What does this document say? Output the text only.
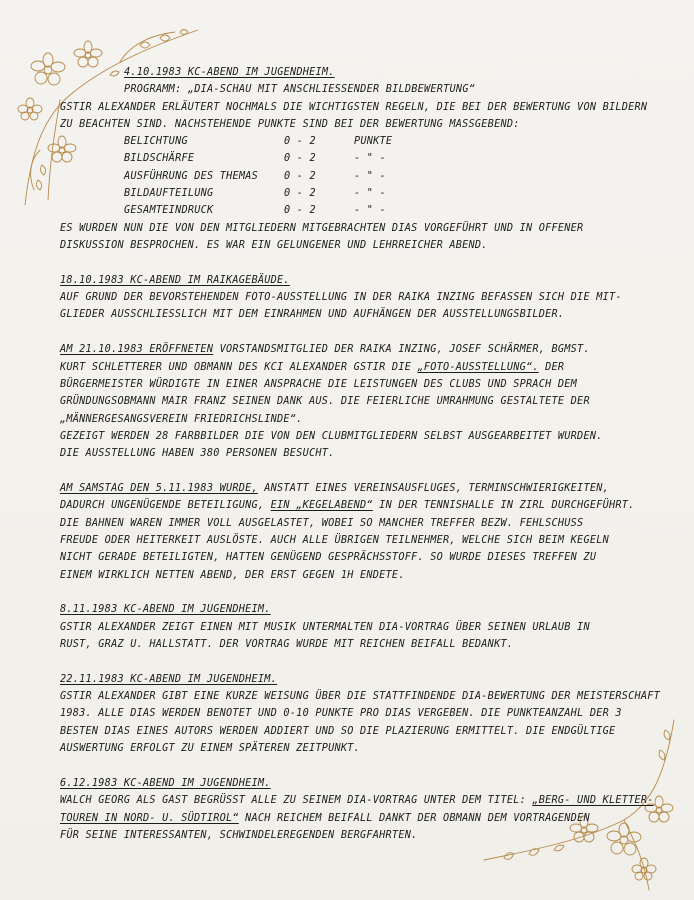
4.10.1983 KC-ABEND IM JUGENDHEIM.
PROGRAMM: „DIA-SCHAU MIT ANSCHLIESSENDER BILDBEWERTUNG“
GSTIR ALEXANDER ERLÄUTERT NOCHMALS DIE WICHTIGSTEN REGELN, DIE BEI DER BEWERTUNG VON BILDERN
ZU BEACHTEN SIND. NACHSTEHENDE PUNKTE SIND BEI DER BEWERTUNG MASSGEBEND:
BELICHTUNG	0 - 2	PUNKTE
BILDSCHÄRFE	0 - 2	- " -
AUSFÜHRUNG DES THEMAS	0 - 2	- " -
BILDAUFTEILUNG	0 - 2	- " -
GESAMTEINDRUCK	0 - 2	- " -
ES WURDEN NUN DIE VON DEN MITGLIEDERN MITGEBRACHTEN DIAS VORGEFÜHRT UND IN OFFENER
DISKUSSION BESPROCHEN. ES WAR EIN GELUNGENER UND LEHRREICHER ABEND.
18.10.1983 KC-ABEND IM RAIKAGEBÄUDE.
AUF GRUND DER BEVORSTEHENDEN FOTO-AUSSTELLUNG IN DER RAIKA INZING BEFASSEN SICH DIE MIT-
GLIEDER AUSSCHLIESSLICH MIT DEM EINRAHMEN UND AUFHÄNGEN DER AUSSTELLUNGSBILDER.
AM 21.10.1983 ERÖFFNETEN VORSTANDSMITGLIED DER RAIKA INZING, JOSEF SCHÄRMER, BGMST.
KURT SCHLETTERER UND OBMANN DES KCI ALEXANDER GSTIR DIE „FOTO-AUSSTELLUNG“. DER
BÜRGERMEISTER WÜRDIGTE IN EINER ANSPRACHE DIE LEISTUNGEN DES CLUBS UND SPRACH DEM
GRÜNDUNGSOBMANN MAIR FRANZ SEINEN DANK AUS. DIE FEIERLICHE UMRAHMUNG GESTALTETE DER
„MÄNNERGESANGSVEREIN FRIEDRICHSLINDE“.
GEZEIGT WERDEN 28 FARBBILDER DIE VON DEN CLUBMITGLIEDERN SELBST AUSGEARBEITET WURDEN.
DIE AUSSTELLUNG HABEN 380 PERSONEN BESUCHT.
AM SAMSTAG DEN 5.11.1983 WURDE, ANSTATT EINES VEREINSAUSFLUGES, TERMINSCHWIERIGKEITEN,
DADURCH UNGENÜGENDE BETEILIGUNG, EIN „KEGELABEND“ IN DER TENNISHALLE IN ZIRL DURCHGEFÜHRT.
DIE BAHNEN WAREN IMMER VOLL AUSGELASTET, WOBEI SO MANCHER TREFFER BEZW. FEHLSCHUSS
FREUDE ODER HEITERKEIT AUSLÖSTE. AUCH ALLE ÜBRIGEN TEILNEHMER, WELCHE SICH BEIM KEGELN
NICHT GERADE BETEILIGTEN, HATTEN GENÜGEND GESPRÄCHSSTOFF. SO WURDE DIESES TREFFEN ZU
EINEM WIRKLICH NETTEN ABEND, DER ERST GEGEN 1H ENDETE.
8.11.1983 KC-ABEND IM JUGENDHEIM.
GSTIR ALEXANDER ZEIGT EINEN MIT MUSIK UNTERMALTEN DIA-VORTRAG ÜBER SEINEN URLAUB IN
RUST, GRAZ U. HALLSTATT. DER VORTRAG WURDE MIT REICHEN BEIFALL BEDANKT.
22.11.1983 KC-ABEND IM JUGENDHEIM.
GSTIR ALEXANDER GIBT EINE KURZE WEISUNG ÜBER DIE STATTFINDENDE DIA-BEWERTUNG DER MEISTERSCHAFT
1983. ALLE DIAS WERDEN BENOTET UND 0-10 PUNKTE PRO DIAS VERGEBEN. DIE PUNKTEANZAHL DER 3
BESTEN DIAS EINES AUTORS WERDEN ADDIERT UND SO DIE PLAZIERUNG ERMITTELT. DIE ENDGÜLTIGE
AUSWERTUNG ERFOLGT ZU EINEM SPÄTEREN ZEITPUNKT.
6.12.1983 KC-ABEND IM JUGENDHEIM.
WALCH GEORG ALS GAST BEGRÜSST ALLE ZU SEINEM DIA-VORTRAG UNTER DEM TITEL: „BERG- UND KLETTER-
TOUREN IN NORD- U. SÜDTIROL“ NACH REICHEM BEIFALL DANKT DER OBMANN DEM VORTRAGENDEN
FÜR SEINE INTERESSANTEN, SCHWINDELEREGENDEN BERGFAHRTEN.
